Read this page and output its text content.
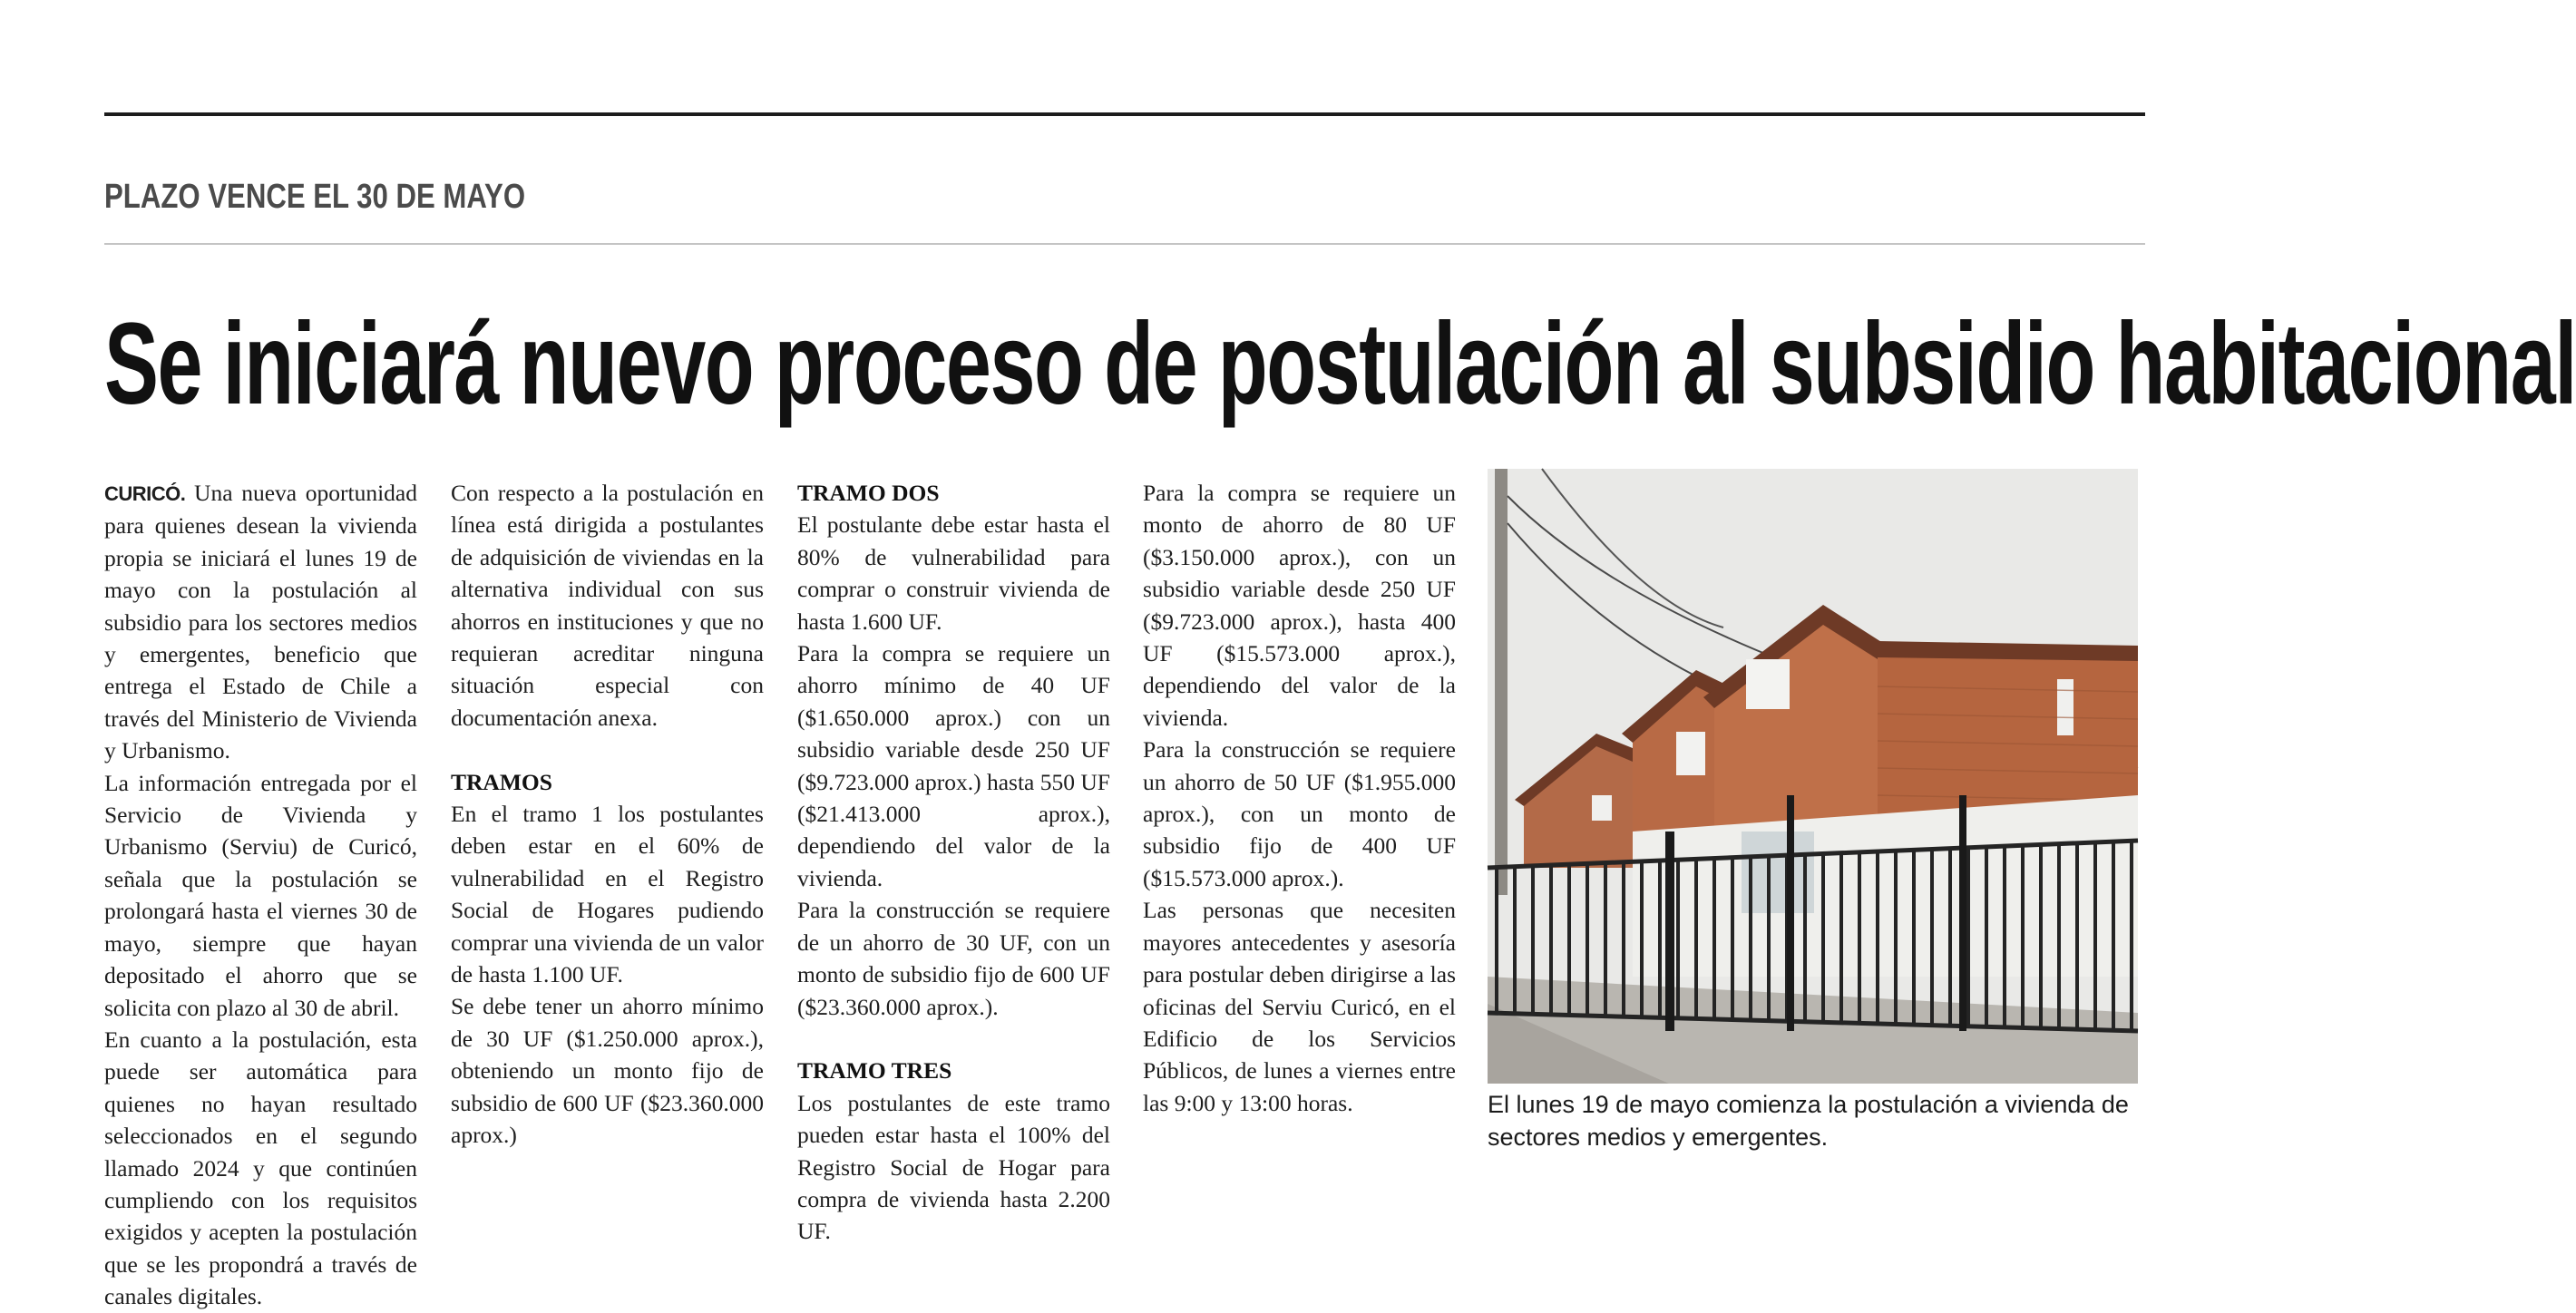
PLAZO VENCE EL 30 DE MAYO
Se iniciará nuevo proceso de postulación al subsidio habitacional

CURICÓ. Una nueva oportunidad para quienes desean la vivienda propia se iniciará el lunes 19 de mayo con la postulación al subsidio para los sectores medios y emergentes, beneficio que entrega el Estado de Chile a través del Ministerio de Vivienda y Urbanismo.

La información entregada por el Servicio de Vivienda y Urbanismo (Serviu) de Curicó, señala que la postulación se prolongará hasta el viernes 30 de mayo, siempre que hayan depositado el ahorro que se solicita con plazo al 30 de abril.

En cuanto a la postulación, esta puede ser automática para quienes no hayan resultado seleccionados en el segundo llamado 2024 y que continúen cumpliendo con los requisitos exigidos y acepten la postulación que se les propondrá a través de canales digitales.

Con respecto a la postulación en línea está dirigida a postulantes de adquisición de viviendas en la alternativa individual con sus ahorros en instituciones y que no requieran acreditar ninguna situación especial con documentación anexa.

TRAMOS

En el tramo 1 los postulantes deben estar en el 60% de vulnerabilidad en el Registro Social de Hogares pudiendo comprar una vivienda de un valor de hasta 1.100 UF.

Se debe tener un ahorro mínimo de 30 UF ($1.250.000 aprox.), obteniendo un monto fijo de subsidio de 600 UF ($23.360.000 aprox.)

TRAMO DOS

El postulante debe estar hasta el 80% de vulnerabilidad para comprar o construir vivienda de hasta 1.600 UF.

Para la compra se requiere un ahorro mínimo de 40 UF ($1.650.000 aprox.) con un subsidio variable desde 250 UF ($9.723.000 aprox.) hasta 550 UF ($21.413.000 aprox.), dependiendo del valor de la vivienda.

Para la construcción se requiere de un ahorro de 30 UF, con un monto de subsidio fijo de 600 UF ($23.360.000 aprox.).

TRAMO TRES

Los postulantes de este tramo pueden estar hasta el 100% del Registro Social de Hogar para compra de vivienda hasta 2.200 UF.

Para la compra se requiere un monto de ahorro de 80 UF ($3.150.000 aprox.), con un subsidio variable desde 250 UF ($9.723.000 aprox.), hasta 400 UF ($15.573.000 aprox.), dependiendo del valor de la vivienda.

Para la construcción se requiere un ahorro de 50 UF ($1.955.000 aprox.), con un monto de subsidio fijo de 400 UF ($15.573.000 aprox.).

Las personas que necesiten mayores antecedentes y asesoría para postular deben dirigirse a las oficinas del Serviu Curicó, en el Edificio de los Servicios Públicos, de lunes a viernes entre las 9:00 y 13:00 horas.	El lunes 19 de mayo comienza la postulación a vivienda de sectores medios y emergentes.
